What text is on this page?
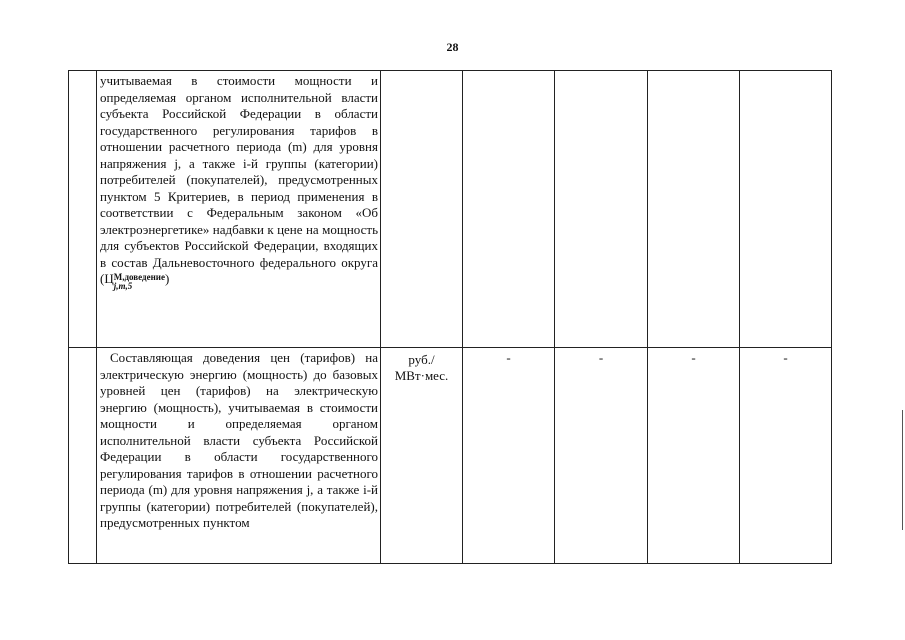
28

	учитываемая в стоимости мощности и определяемая органом исполнительной власти субъекта Российской Федерации в области государственного регулирования тарифов в отношении расчетного периода (m) для уровня напряжения j, а также i-й группы (категории) потребителей (покупателей), предусмотренных пунктом 5 Критериев, в период применения в соответствии с Федеральным законом «Об электроэнергетике» надбавки к цене на мощность для субъектов Российской Федерации, входящих в состав Дальневосточного федерального округа (Ц М,доведение
j,m,5 )					

	Составляющая доведения цен (тарифов) на электрическую энергию (мощность) до базовых уровней цен (тарифов) на электрическую энергию (мощность), учитываемая в стоимости мощности и определяемая органом исполнительной власти субъекта Российской Федерации в области государственного регулирования тарифов в отношении расчетного периода (m) для уровня напряжения j, а также i-й группы (категории) потребителей (покупателей), предусмотренных пунктом	руб./ МВт·мес.	-	-	-	-
